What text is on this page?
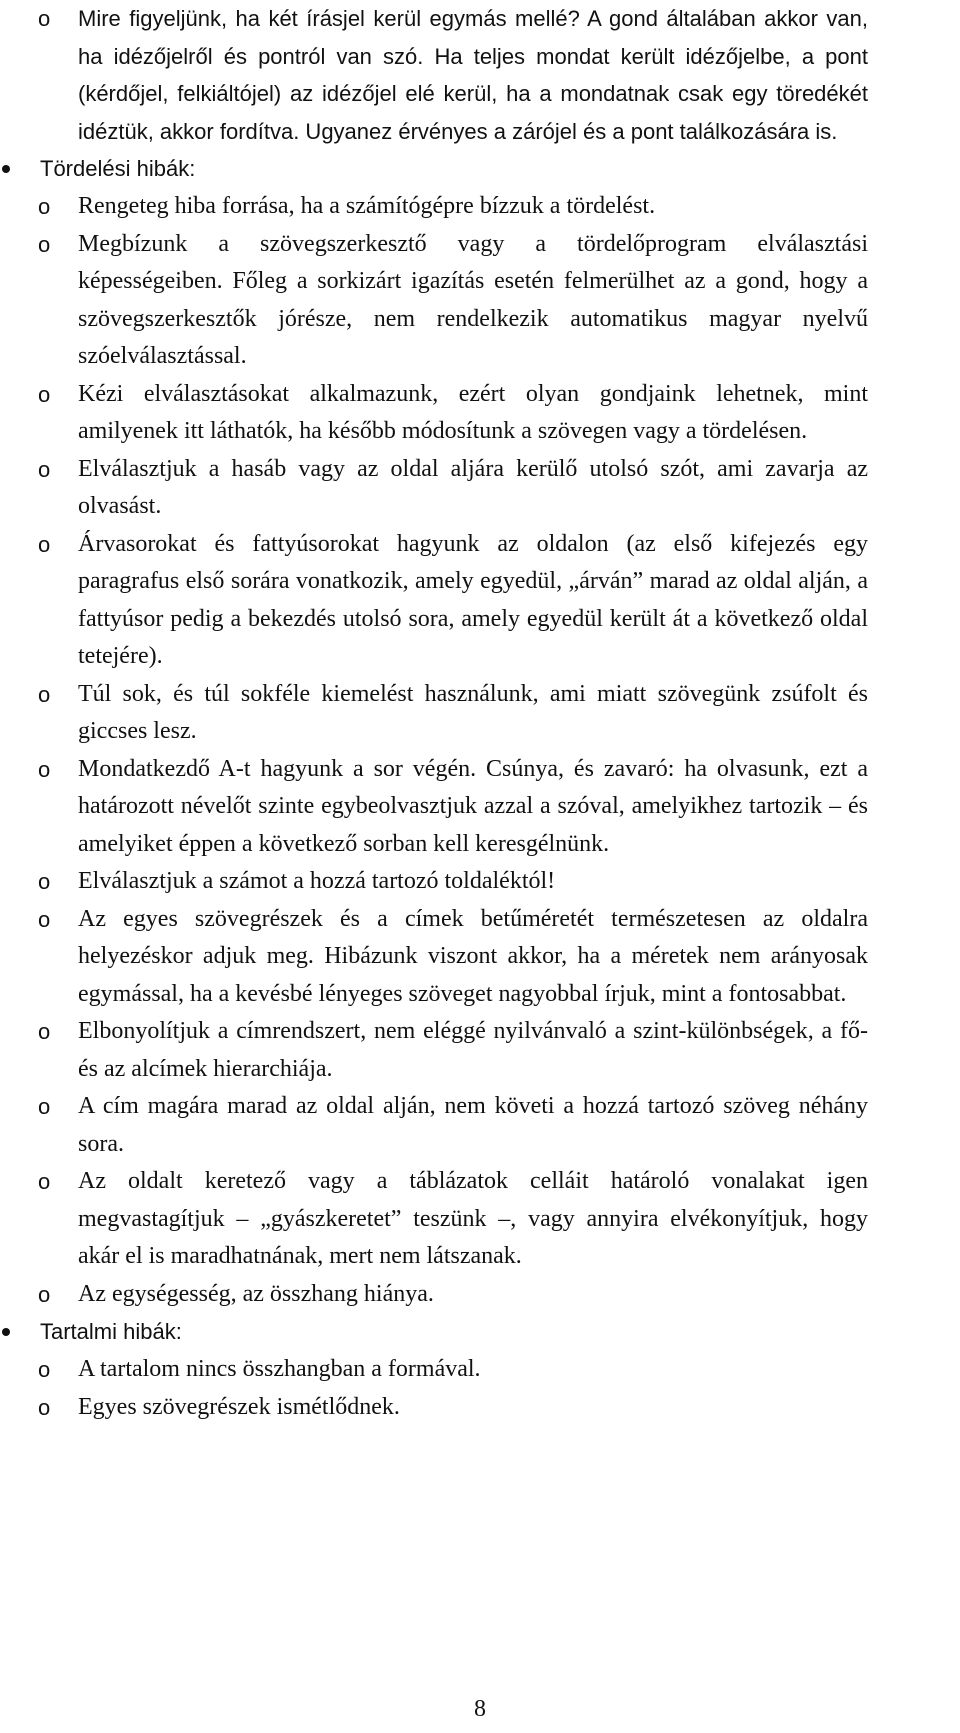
o	Mire figyeljünk, ha két írásjel kerül egymás mellé? A gond általában akkor van, ha idézőjelről és pontról van szó. Ha teljes mondat került idézőjelbe, a pont (kérdőjel, felkiáltójel) az idézőjel elé kerül, ha a mondatnak csak egy töredékét idéztük, akkor fordítva. Ugyanez érvényes a zárójel és a pont találkozására is.
Tördelési hibák:
o	Rengeteg hiba forrása, ha a számítógépre bízzuk a tördelést.
o	Megbízunk a szövegszerkesztő vagy a tördelőprogram elválasztási képességeiben. Főleg a sorkizárt igazítás esetén felmerülhet az a gond, hogy a szövegszerkesztők jórésze, nem rendelkezik automatikus magyar nyelvű szóelválasztással.
o	Kézi elválasztásokat alkalmazunk, ezért olyan gondjaink lehetnek, mint amilyenek itt láthatók, ha később módosítunk a szövegen vagy a tördelésen.
o	Elválasztjuk a hasáb vagy az oldal aljára kerülő utolsó szót, ami zavarja az olvasást.
o	Árvasorokat és fattyúsorokat hagyunk az oldalon (az első kifejezés egy paragrafus első sorára vonatkozik, amely egyedül, „árván” marad az oldal alján, a fattyúsor pedig a bekezdés utolsó sora, amely egyedül került át a következő oldal tetejére).
o	Túl sok, és túl sokféle kiemelést használunk, ami miatt szövegünk zsúfolt és giccses lesz.
o	Mondatkezdő A-t hagyunk a sor végén. Csúnya, és zavaró: ha olvasunk, ezt a határozott névelőt szinte egybeolvasztjuk azzal a szóval, amelyikhez tartozik – és amelyiket éppen a következő sorban kell keresgélnünk.
o	Elválasztjuk a számot a hozzá tartozó toldaléktól!
o	Az egyes szövegrészek és a címek betűméretét természetesen az oldalra helyezéskor adjuk meg. Hibázunk viszont akkor, ha a méretek nem arányosak egymással, ha a kevésbé lényeges szöveget nagyobbal írjuk, mint a fontosabbat.
o	Elbonyolítjuk a címrendszert, nem eléggé nyilvánvaló a szint-különbségek, a fő- és az alcímek hierarchiája.
o	A cím magára marad az oldal alján, nem követi a hozzá tartozó szöveg néhány sora.
o	Az oldalt keretező vagy a táblázatok celláit határoló vonalakat igen megvastagítjuk – „gyászkeretet” teszünk –, vagy annyira elvékonyítjuk, hogy akár el is maradhatnának, mert nem látszanak.
o	Az egységesség, az összhang hiánya.
Tartalmi hibák:
o	A tartalom nincs összhangban a formával.
o	Egyes szövegrészek ismétlődnek.
8
